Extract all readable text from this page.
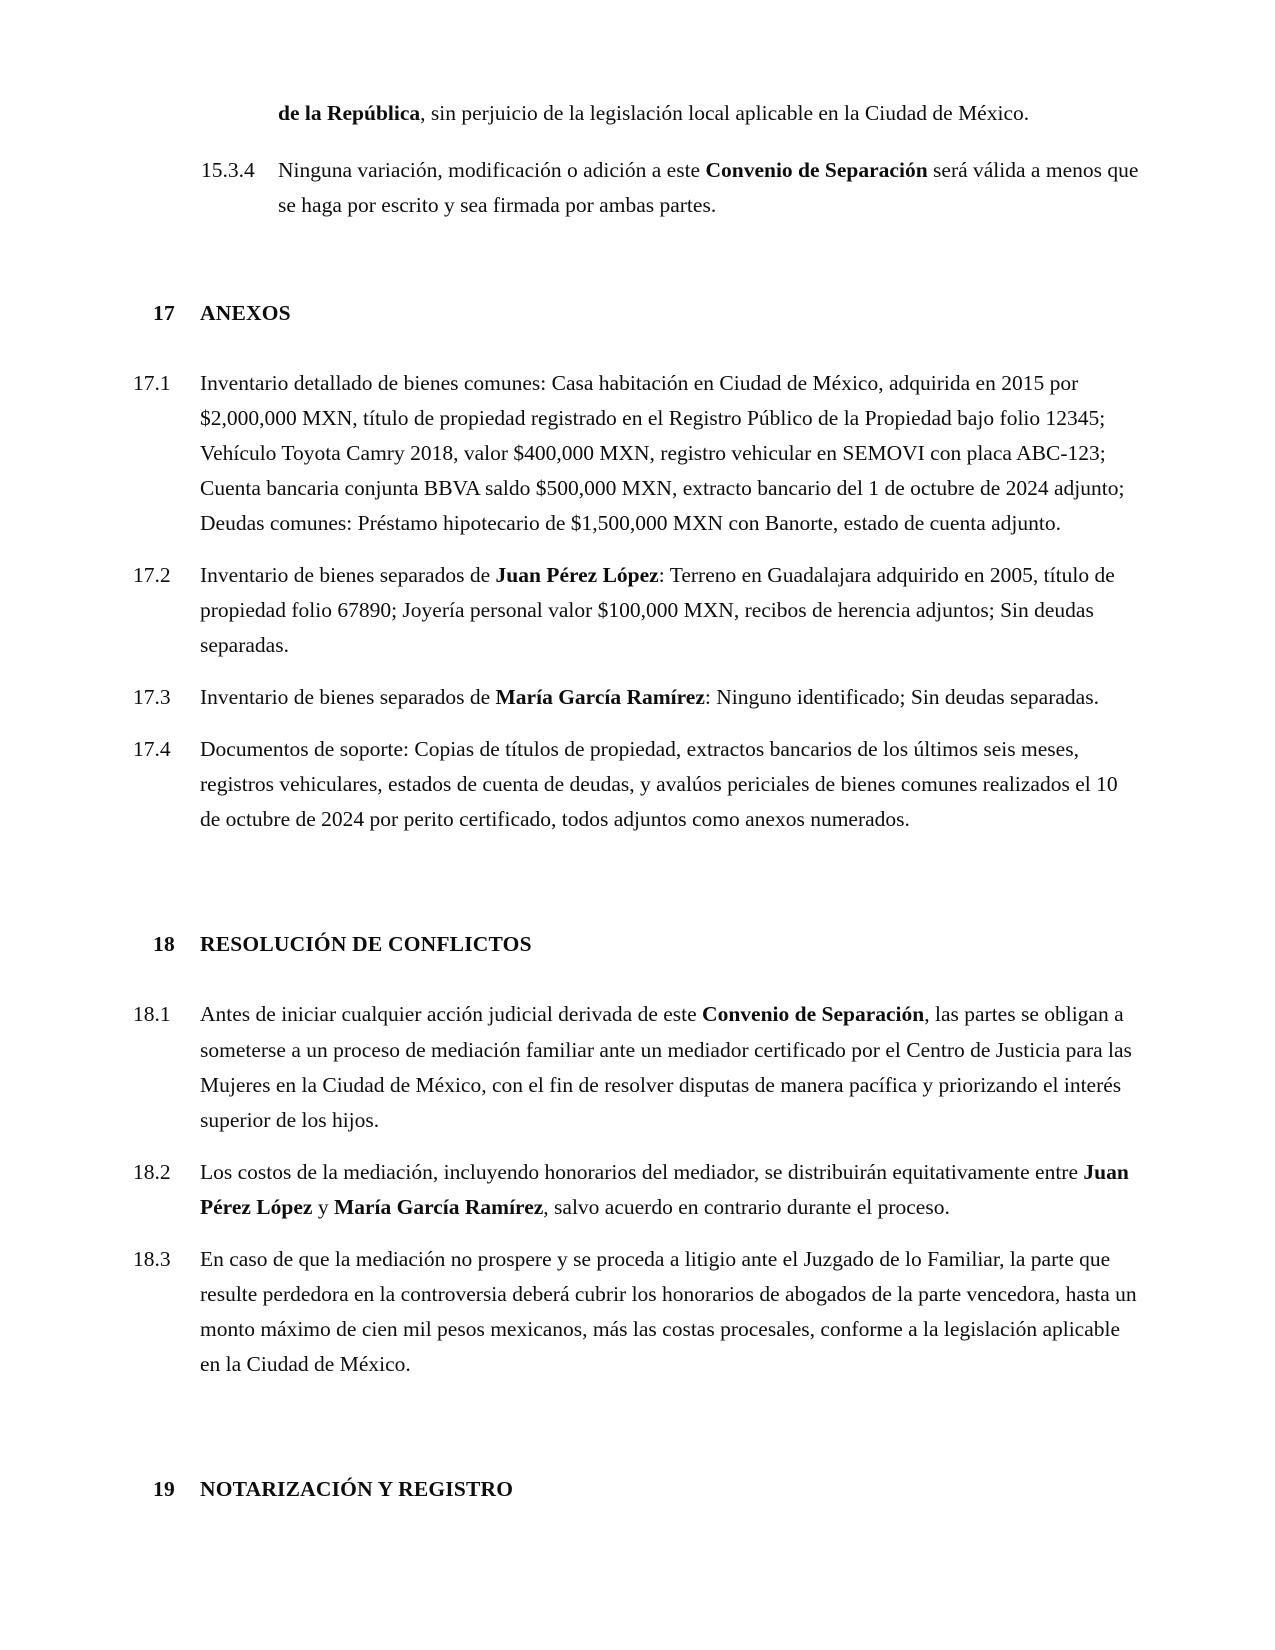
de la República, sin perjuicio de la legislación local aplicable en la Ciudad de México.

15.3.4	Ninguna variación, modificación o adición a este Convenio de Separación será válida a menos que se haga por escrito y sea firmada por ambas partes.
17	ANEXOS
17.1	Inventario detallado de bienes comunes: Casa habitación en Ciudad de México, adquirida en 2015 por $2,000,000 MXN, título de propiedad registrado en el Registro Público de la Propiedad bajo folio 12345; Vehículo Toyota Camry 2018, valor $400,000 MXN, registro vehicular en SEMOVI con placa ABC-123; Cuenta bancaria conjunta BBVA saldo $500,000 MXN, extracto bancario del 1 de octubre de 2024 adjunto; Deudas comunes: Préstamo hipotecario de $1,500,000 MXN con Banorte, estado de cuenta adjunto.
17.2	Inventario de bienes separados de Juan Pérez López: Terreno en Guadalajara adquirido en 2005, título de propiedad folio 67890; Joyería personal valor $100,000 MXN, recibos de herencia adjuntos; Sin deudas separadas.
17.3	Inventario de bienes separados de María García Ramírez: Ninguno identificado; Sin deudas separadas.
17.4	Documentos de soporte: Copias de títulos de propiedad, extractos bancarios de los últimos seis meses, registros vehiculares, estados de cuenta de deudas, y avalúos periciales de bienes comunes realizados el 10 de octubre de 2024 por perito certificado, todos adjuntos como anexos numerados.
18	RESOLUCIÓN DE CONFLICTOS
18.1	Antes de iniciar cualquier acción judicial derivada de este Convenio de Separación, las partes se obligan a someterse a un proceso de mediación familiar ante un mediador certificado por el Centro de Justicia para las Mujeres en la Ciudad de México, con el fin de resolver disputas de manera pacífica y priorizando el interés superior de los hijos.
18.2	Los costos de la mediación, incluyendo honorarios del mediador, se distribuirán equitativamente entre Juan Pérez López y María García Ramírez, salvo acuerdo en contrario durante el proceso.
18.3	En caso de que la mediación no prospere y se proceda a litigio ante el Juzgado de lo Familiar, la parte que resulte perdedora en la controversia deberá cubrir los honorarios de abogados de la parte vencedora, hasta un monto máximo de cien mil pesos mexicanos, más las costas procesales, conforme a la legislación aplicable en la Ciudad de México.
19	NOTARIZACIÓN Y REGISTRO
